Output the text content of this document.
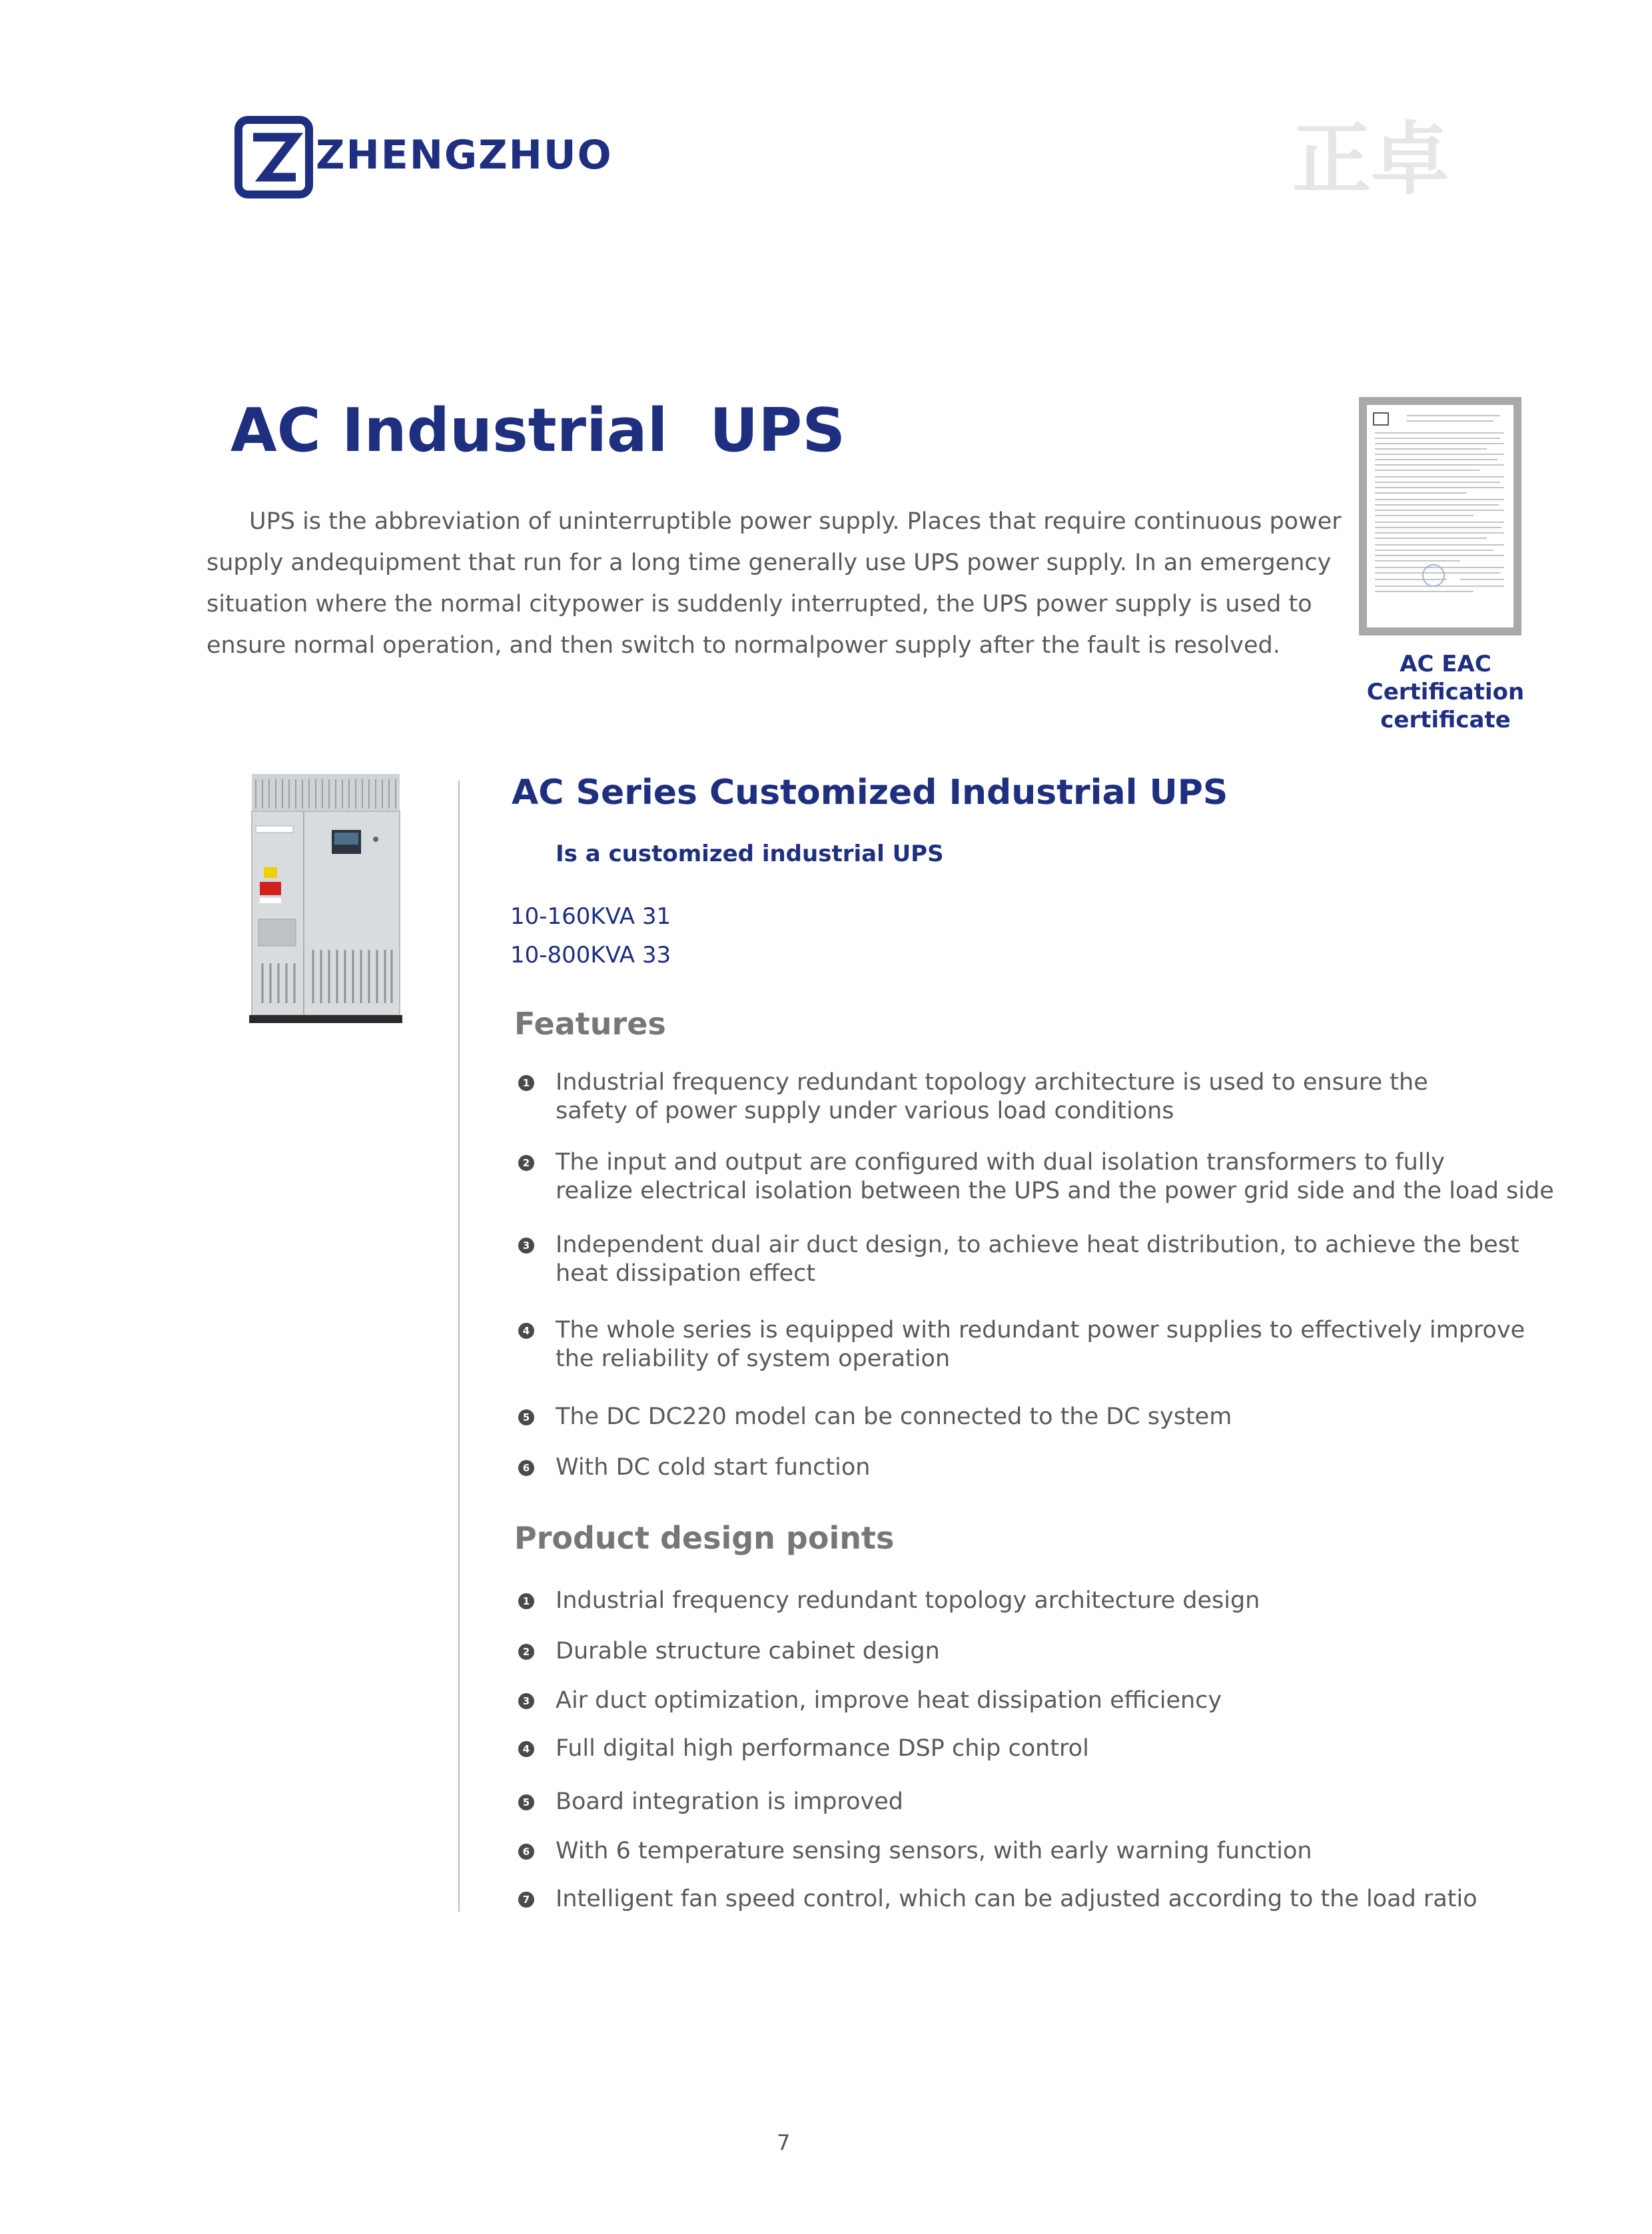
ZHENGZHUO	正卓
AC Industrial  UPS

UPS is the abbreviation of uninterruptible power supply. Places that require continuous power

supply andequipment that run for a long time generally use UPS power supply. In an emergency

situation where the normal citypower is suddenly interrupted, the UPS power supply is used to

ensure normal operation, and then switch to normalpower supply after the fault is resolved.

AC EAC
Certification certificate
AC Series Customized Industrial UPS
Is a customized industrial UPS
10-160KVA 31
10-800KVA 33
Features
1 Industrial frequency redundant topology architecture is used to ensure the
safety of power supply under various load conditions
2 The input and output are configured with dual isolation transformers to fully
realize electrical isolation between the UPS and the power grid side and the load side
3 Independent dual air duct design, to achieve heat distribution, to achieve the best
heat dissipation effect
4 The whole series is equipped with redundant power supplies to effectively improve
the reliability of system operation
5 The DC DC220 model can be connected to the DC system
6 With DC cold start function
Product design points
1 Industrial frequency redundant topology architecture design
2 Durable structure cabinet design
3 Air duct optimization, improve heat dissipation efficiency
4 Full digital high performance DSP chip control
5 Board integration is improved
6 With 6 temperature sensing sensors, with early warning function
7 Intelligent fan speed control, which can be adjusted according to the load ratio
7
